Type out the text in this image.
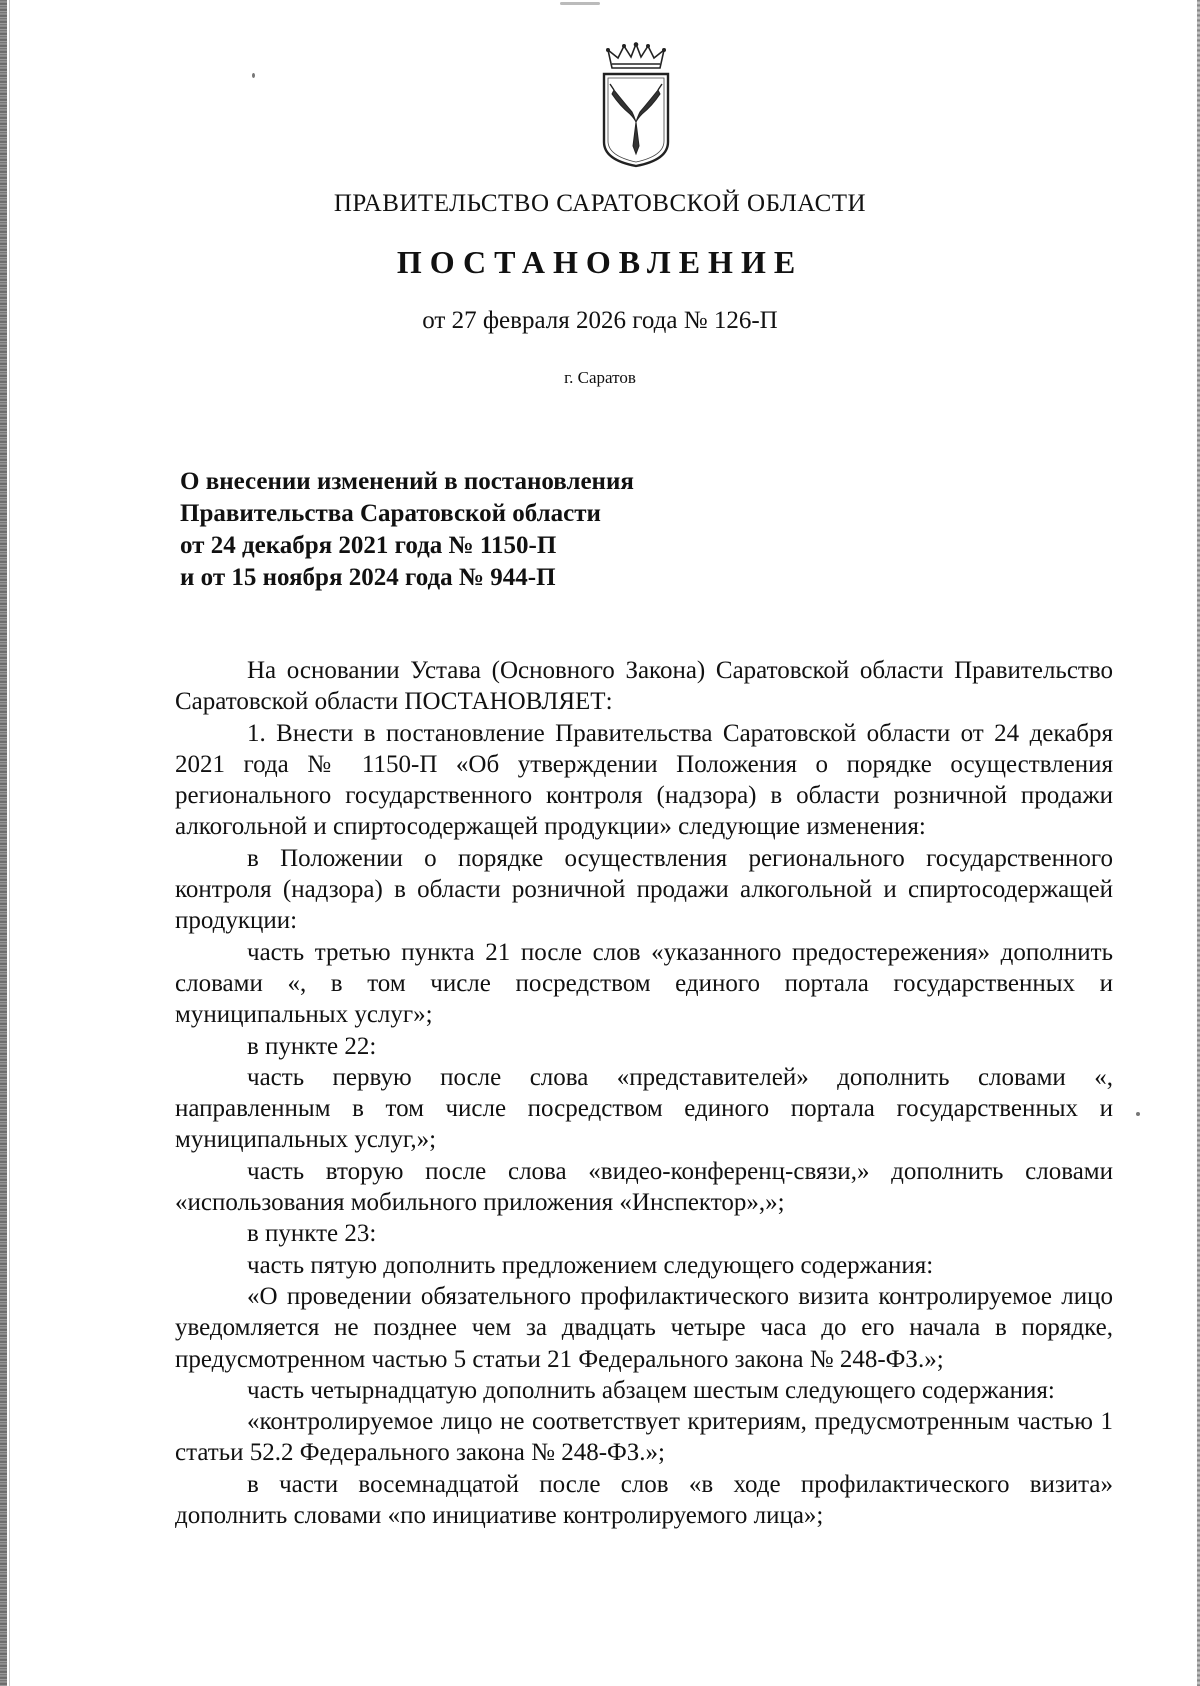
ПРАВИТЕЛЬСТВО САРАТОВСКОЙ ОБЛАСТИ
ПОСТАНОВЛЕНИЕ
от 27 февраля 2026 года № 126-П
г. Саратов
О внесении изменений в постановления
Правительства Саратовской области
от 24 декабря 2021 года № 1150-П
и от 15 ноября 2024 года № 944-П

На основании Устава (Основного Закона) Саратовской области Правительство Саратовской области ПОСТАНОВЛЯЕТ:

1. Внести в постановление Правительства Саратовской области от 24 декабря 2021 года № 1150-П «Об утверждении Положения о порядке осуществления регионального государственного контроля (надзора) в области розничной продажи алкогольной и спиртосодержащей продукции» следующие изменения:

в Положении о порядке осуществления регионального государственного контроля (надзора) в области розничной продажи алкогольной и спиртосодержащей продукции:

часть третью пункта 21 после слов «указанного предостережения» дополнить словами «, в том числе посредством единого портала государственных и муниципальных услуг»;

в пункте 22:

часть первую после слова «представителей» дополнить словами «, направленным в том числе посредством единого портала государственных и муниципальных услуг,»;

часть вторую после слова «видео-конференц-связи,» дополнить словами «использования мобильного приложения «Инспектор»,»;

в пункте 23:

часть пятую дополнить предложением следующего содержания:

«О проведении обязательного профилактического визита контролируемое лицо уведомляется не позднее чем за двадцать четыре часа до его начала в порядке, предусмотренном частью 5 статьи 21 Федерального закона № 248-ФЗ.»;

часть четырнадцатую дополнить абзацем шестым следующего содержания:

«контролируемое лицо не соответствует критериям, предусмотренным частью 1 статьи 52.2 Федерального закона № 248-ФЗ.»;

в части восемнадцатой после слов «в ходе профилактического визита» дополнить словами «по инициативе контролируемого лица»;
